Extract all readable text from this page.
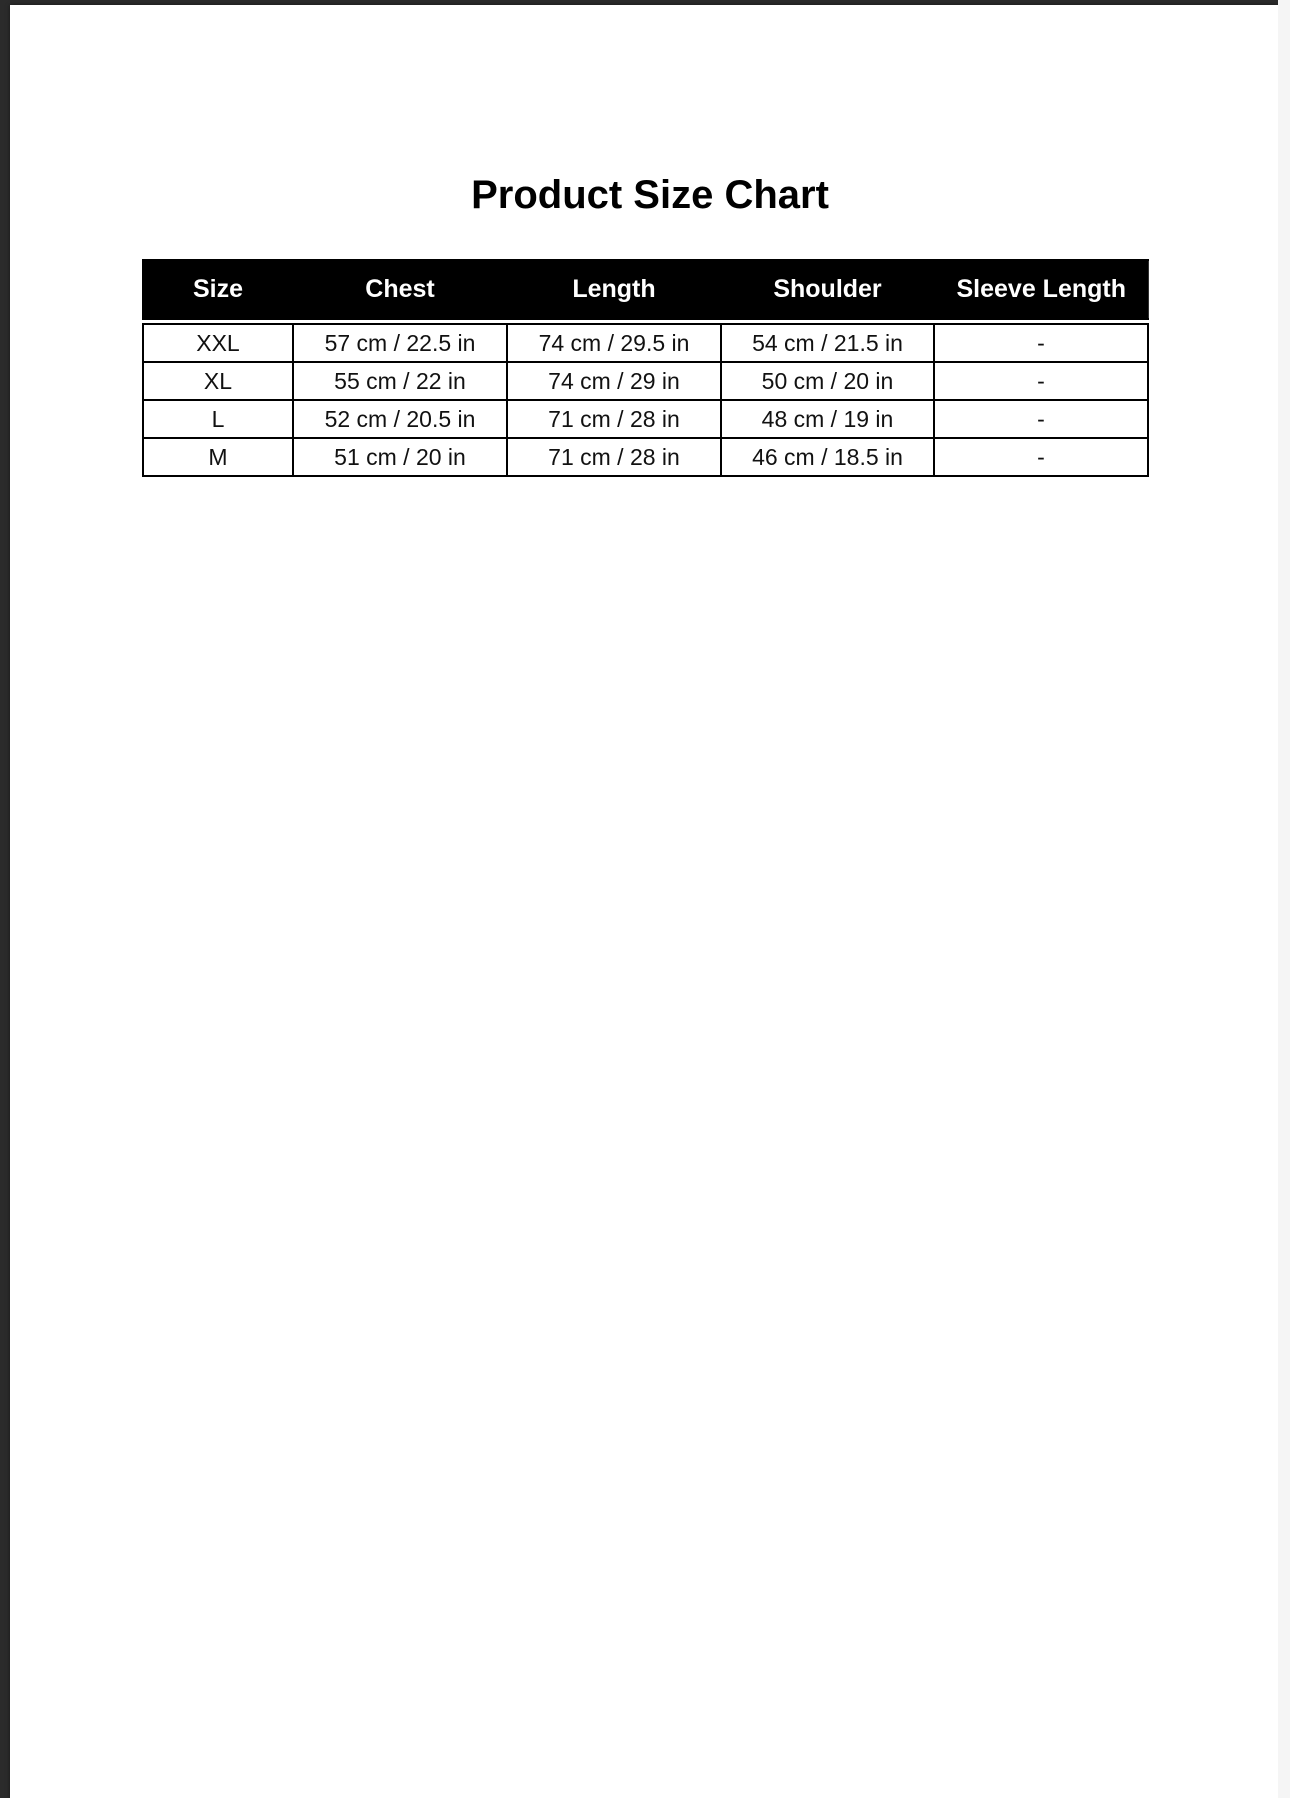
Product Size Chart
Size	Chest	Length	Shoulder	Sleeve Length

XXL	57 cm / 22.5 in	74 cm / 29.5 in	54 cm / 21.5 in	-
XL	55 cm / 22 in	74 cm / 29 in	50 cm / 20 in	-
L	52 cm / 20.5 in	71 cm / 28 in	48 cm / 19 in	-
M	51 cm / 20 in	71 cm / 28 in	46 cm / 18.5 in	-
